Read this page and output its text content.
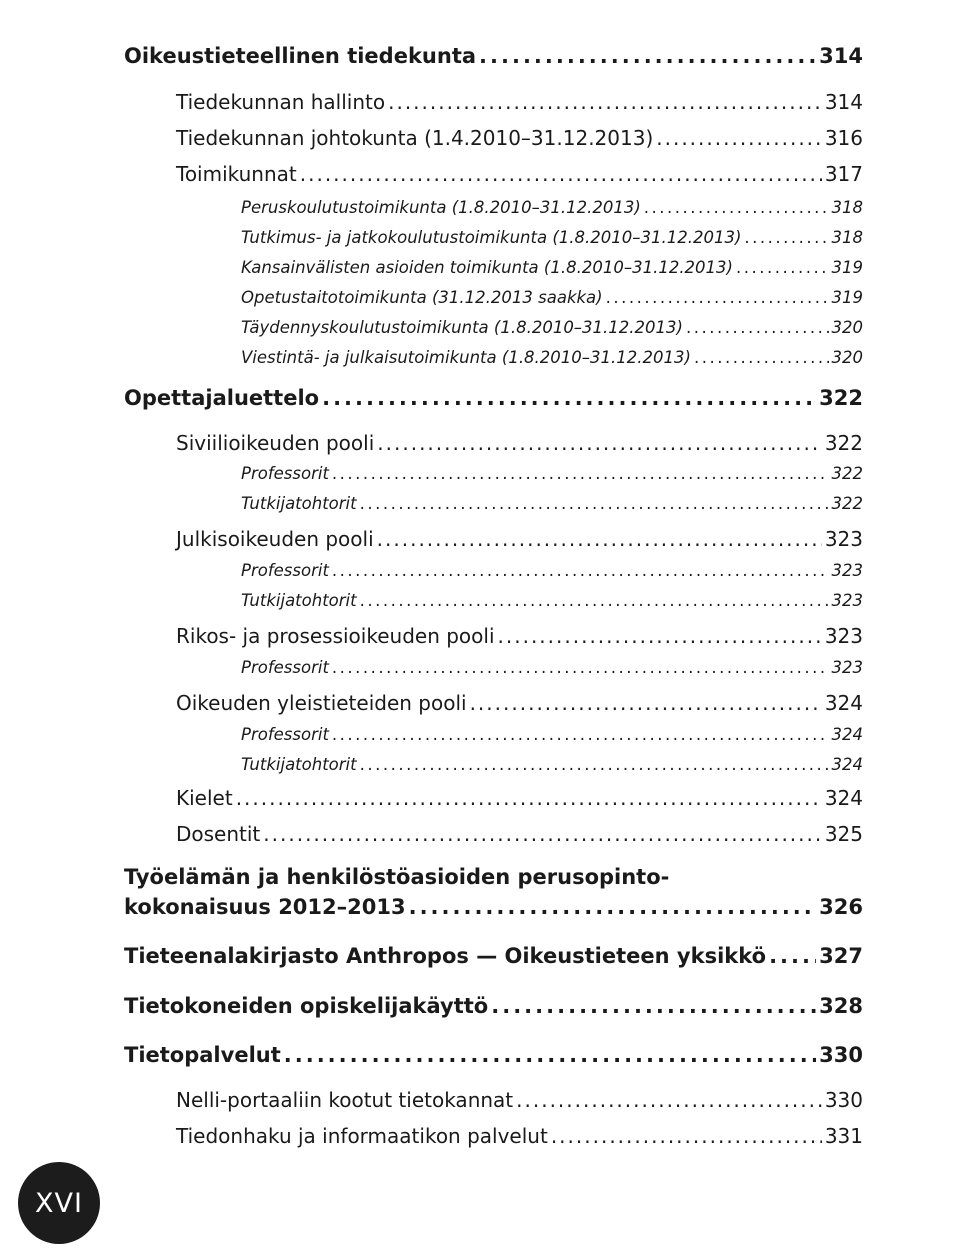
Oikeustieteellinen tiedekunta .....	314
Tiedekunnan hallinto .....	314
Tiedekunnan johtokunta (1.4.2010–31.12.2013) .....	316
Toimikunnat .....	317
Peruskoulutustoimikunta (1.8.2010–31.12.2013) .....	318
Tutkimus- ja jatkokoulutustoimikunta (1.8.2010–31.12.2013) .....	318
Kansainvälisten asioiden toimikunta (1.8.2010–31.12.2013) .....	319
Opetustaitotoimikunta (31.12.2013 saakka) .....	319
Täydennyskoulutustoimikunta (1.8.2010–31.12.2013) .....	320
Viestintä- ja julkaisutoimikunta (1.8.2010–31.12.2013) .....	320
Opettajaluettelo .....	322
Siviilioikeuden pooli .....	322
Professorit .....	322
Tutkijatohtorit .....	322
Julkisoikeuden pooli .....	323
Professorit .....	323
Tutkijatohtorit .....	323
Rikos- ja prosessioikeuden pooli .....	323
Professorit .....	323
Oikeuden yleistieteiden pooli .....	324
Professorit .....	324
Tutkijatohtorit .....	324
Kielet .....	324
Dosentit .....	325
Työelämän ja henkilöstöasioiden perusopinto-
kokonaisuus 2012–2013 .....	326
Tieteenalakirjasto Anthropos — Oikeustieteen yksikkö .....	327
Tietokoneiden opiskelijakäyttö .....	328
Tietopalvelut .....	330
Nelli-portaaliin kootut tietokannat .....	330
Tiedonhaku ja informaatikon palvelut .....	331
XVI
